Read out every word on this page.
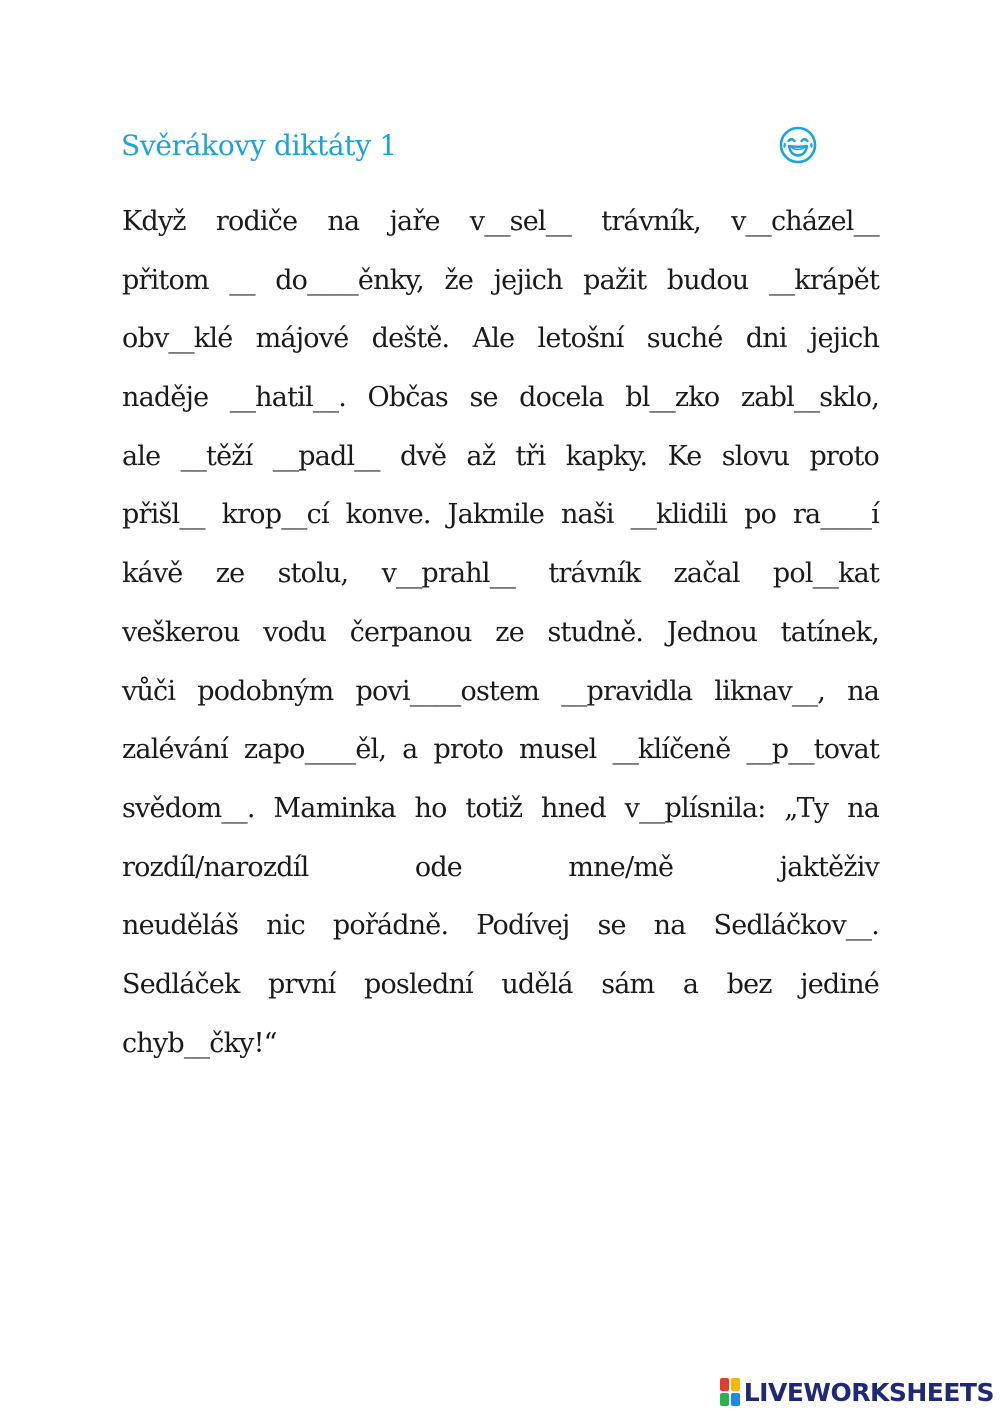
Svěrákovy diktáty 1
Když rodiče na jaře v__sel__ trávník, v__cházel__
přitom __ do____ěnky, že jejich pažit budou __krápět
obv__klé májové deště. Ale letošní suché dni jejich
naděje __hatil__. Občas se docela bl__zko zabl__sklo,
ale __těží __padl__ dvě až tři kapky. Ke slovu proto
přišl__ krop__cí konve. Jakmile naši __klidili po ra____í
kávě ze stolu, v__prahl__ trávník začal pol__kat
veškerou vodu čerpanou ze studně. Jednou tatínek,
vůči podobným povi____ostem __pravidla liknav__, na
zalévání zapo____ěl, a proto musel __klíčeně __p__tovat
svědom__. Maminka ho totiž hned v__plísnila: „Ty na
rozdíl/narozdíl ode mne/mě jaktěživ
neuděláš nic pořádně. Podívej se na Sedláčkov__.
Sedláček první poslední udělá sám a bez jediné
chyb__čky!“
LIVEWORKSHEETS
